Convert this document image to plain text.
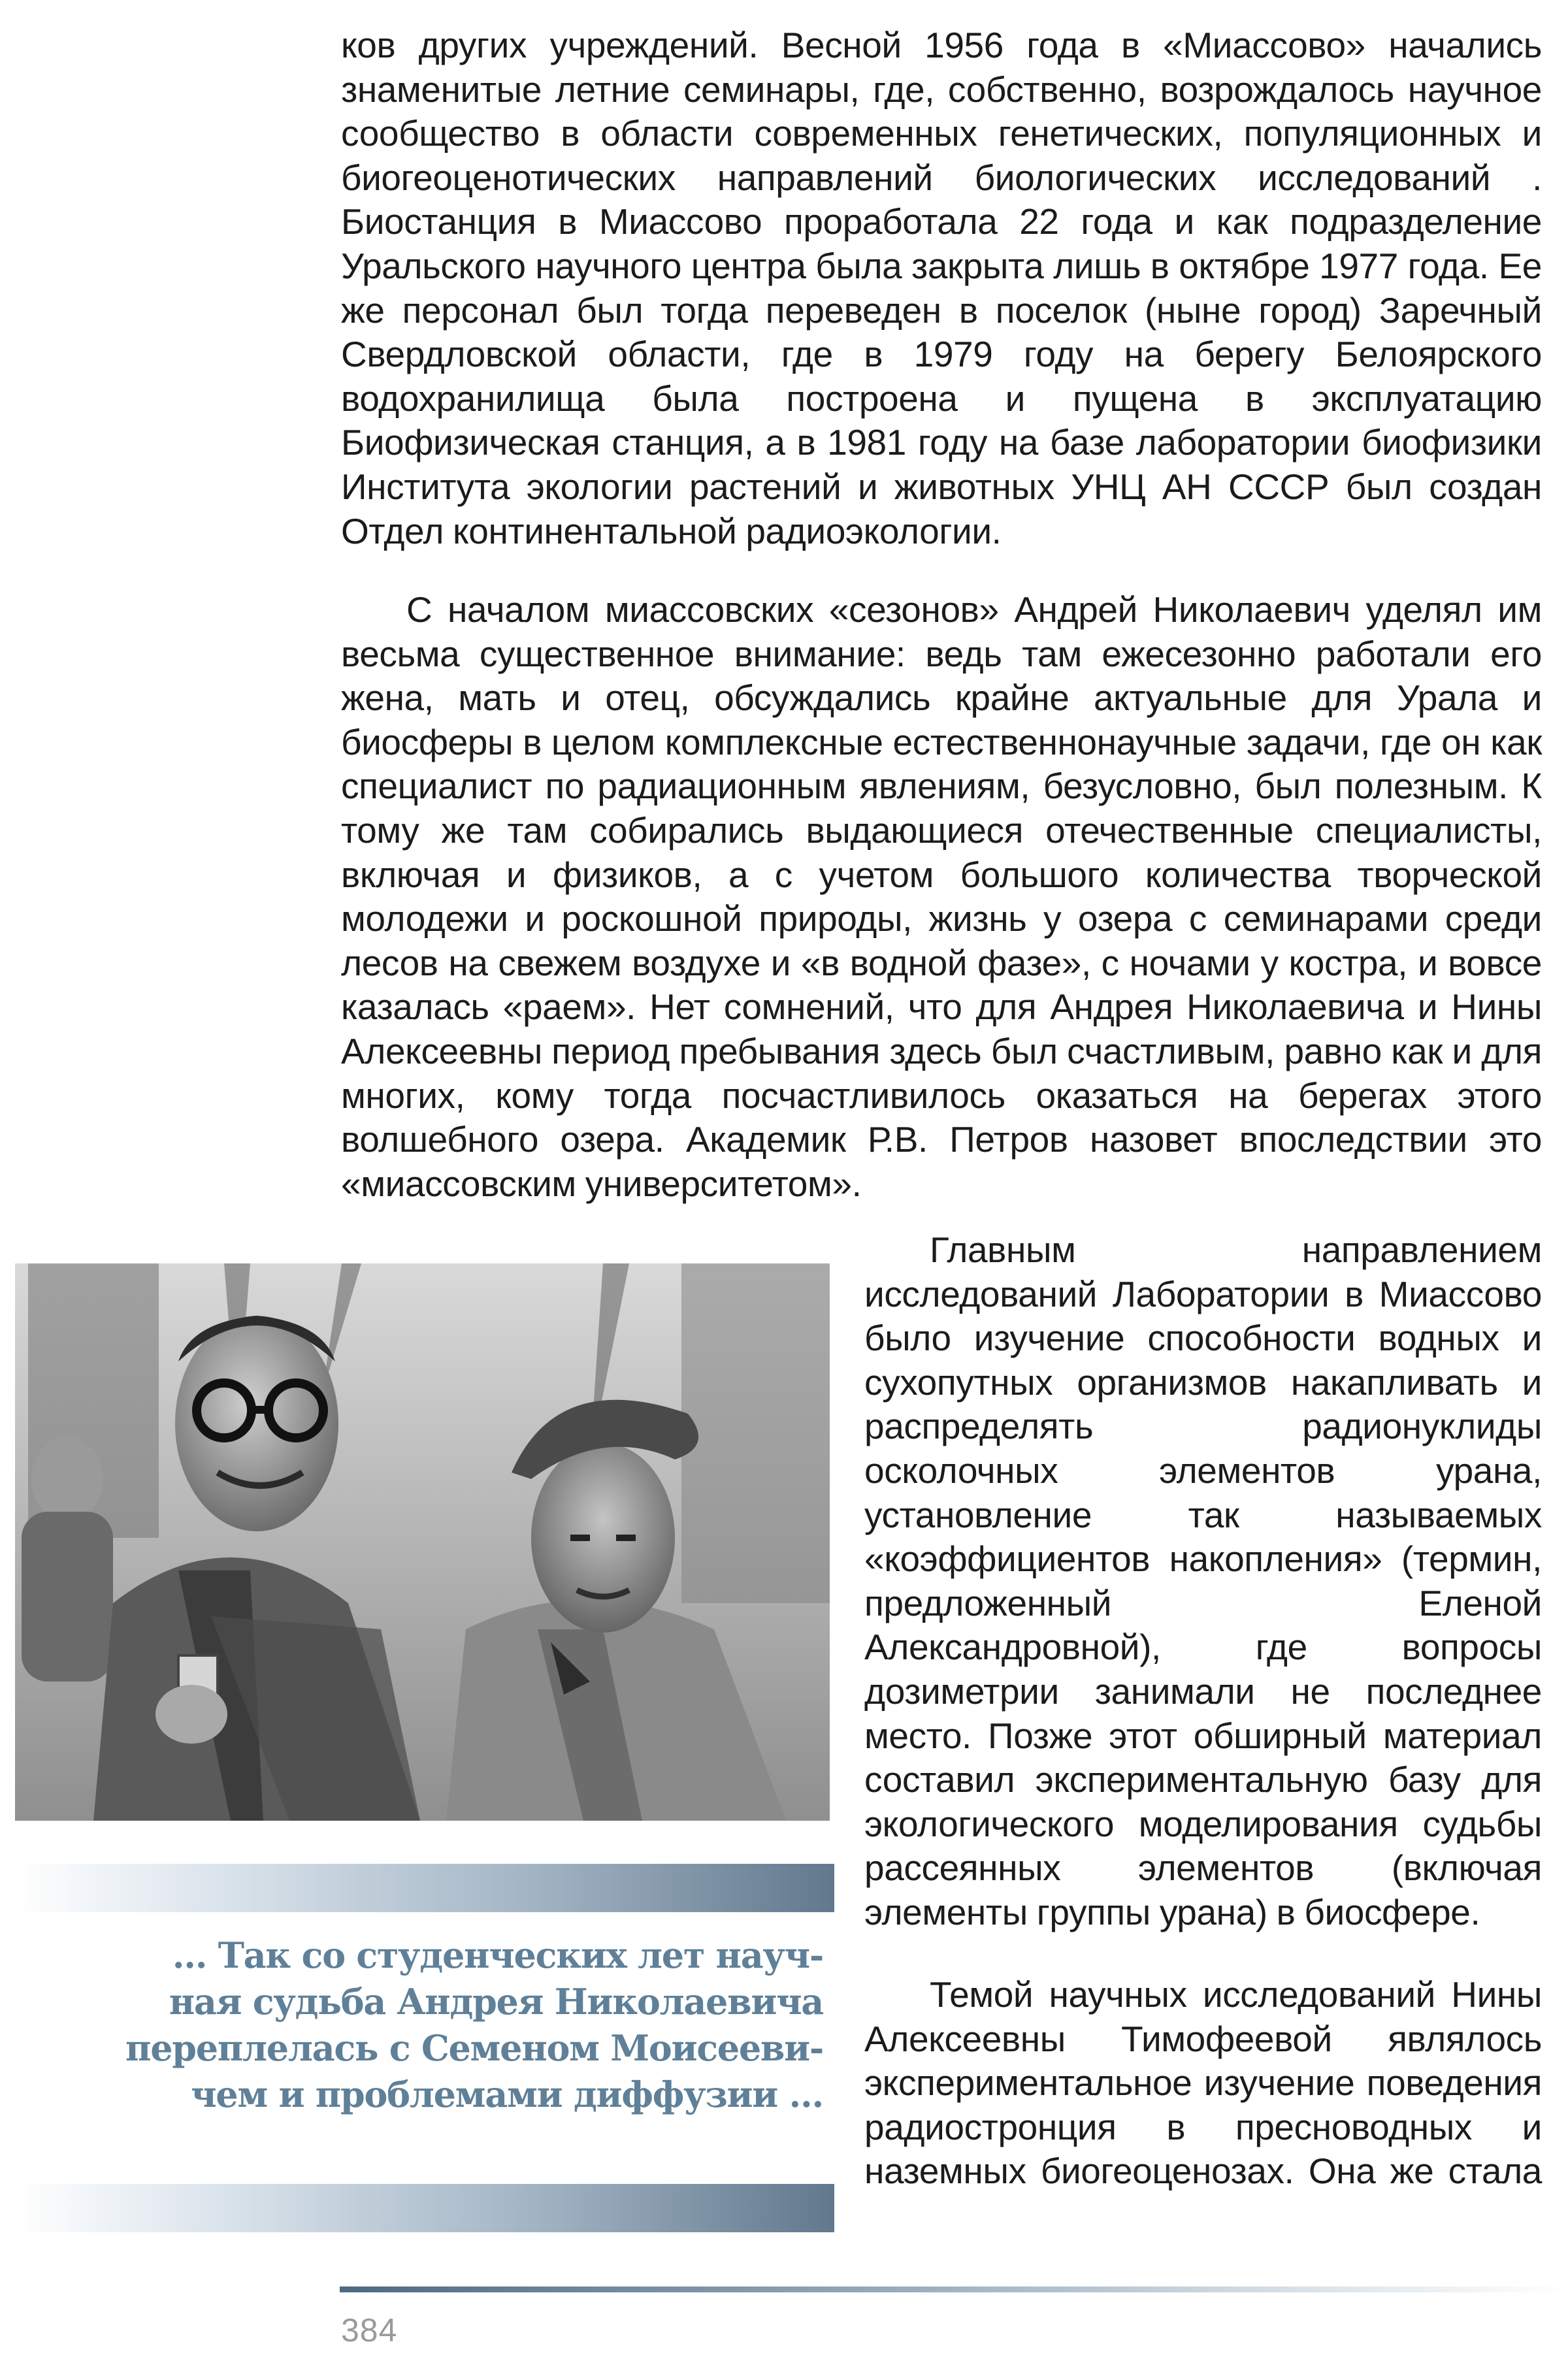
ков других учреждений. Весной 1956 года в «Миассово» начались знаменитые летние семинары, где, собственно, возрождалось научное сообщество в области современных генетических, популяционных и биогеоценотических направлений биологических исследований . Биостанция в Миассово проработала 22 года и как подразделение Уральского научного центра была закрыта лишь в октябре 1977 года. Ее же персонал был тогда переведен в поселок (ныне город) Заречный Свердловской области, где в 1979 году на берегу Белоярского водохранилища была построена и пущена в эксплуатацию Биофизическая станция, а в 1981 году на базе лаборатории биофизики Института экологии растений и животных УНЦ АН СССР был создан Отдел континентальной радиоэкологии.

С началом миассовских «сезонов» Андрей Николаевич уделял им весьма существенное внимание: ведь там ежесезонно работали его жена, мать и отец, обсуждались крайне актуальные для Урала и биосферы в целом комплексные естественнонаучные задачи, где он как специалист по радиационным явлениям, безусловно, был полезным. К тому же там собирались выдающиеся отечественные специалисты, включая и физиков, а с учетом большого количества творческой молодежи и роскошной природы, жизнь у озера с семинарами среди лесов на свежем воздухе и «в водной фазе», с ночами у костра, и вовсе казалась «раем». Нет сомнений, что для Андрея Николаевича и Нины Алексеевны период пребывания здесь был счастливым, равно как и для многих, кому тогда посчастливилось оказаться на берегах этого волшебного озера. Академик Р.В. Петров назовет впоследствии это «миассовским университетом».

... Так со студенческих лет науч-
ная судьба Андрея Николаевича
переплелась с Семеном Моисееви-
чем и проблемами диффузии ...

Главным направлением исследований Лаборатории в Миассово было изучение способности водных и сухопутных организмов накапливать и распределять радионуклиды осколочных элементов урана, установление так называемых «коэффициентов накопления» (термин, предложенный Еленой Александровной), где вопросы дозиметрии занимали не последнее место. Позже этот обширный материал составил экспериментальную базу для экологического моделирования судьбы рассеянных элементов (включая элементы группы урана) в биосфере.

Темой научных исследований Нины Алексеевны Тимофеевой являлось экспериментальное изучение поведения радиостронция в пресноводных и наземных биогеоценозах. Она же стала

384
